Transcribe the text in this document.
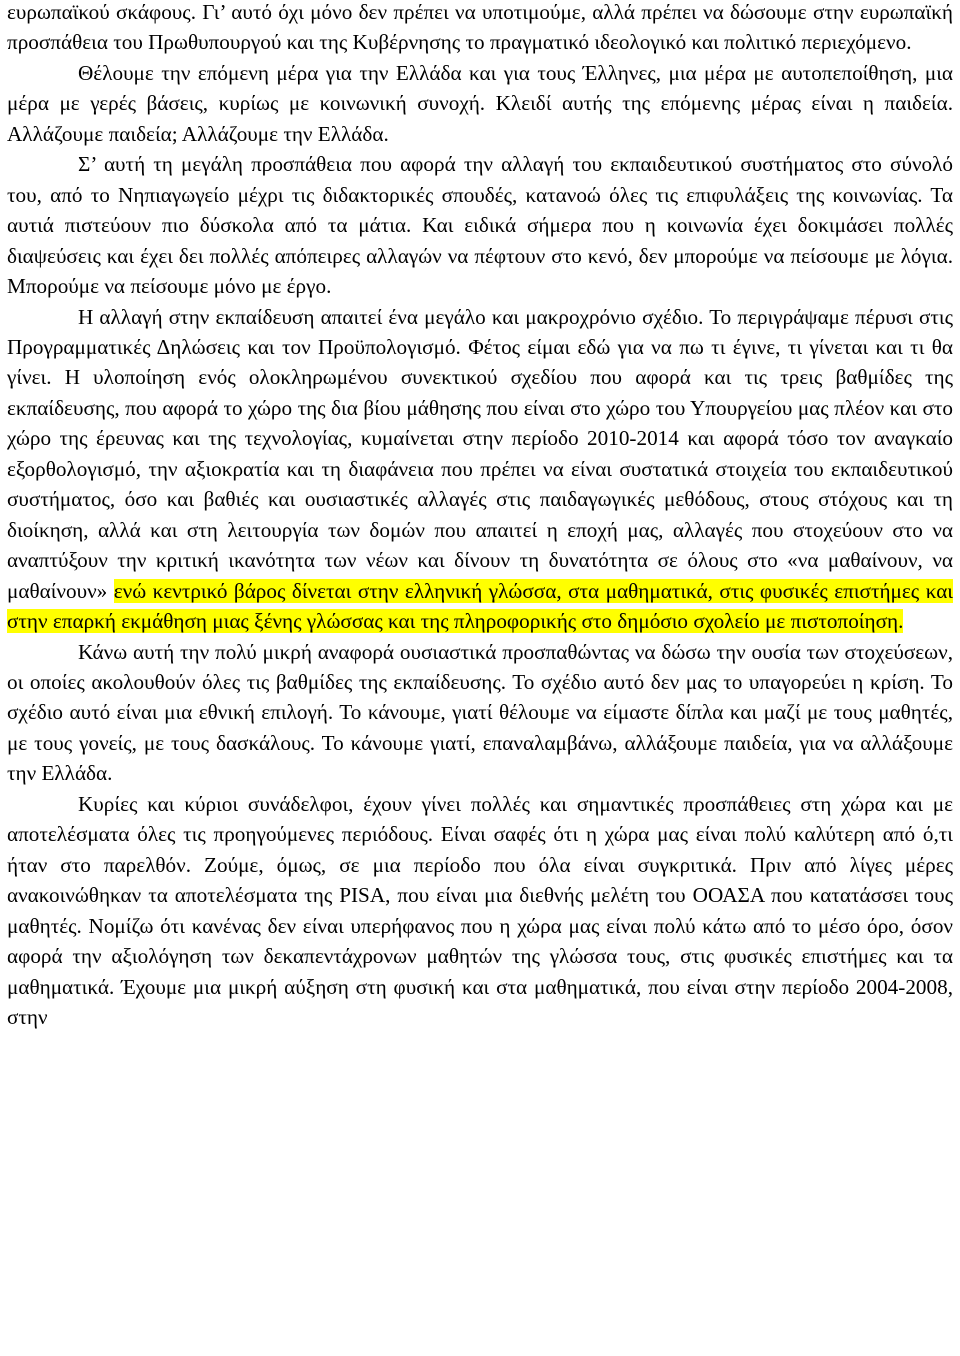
ευρωπαϊκού σκάφους. Γι’ αυτό όχι μόνο δεν πρέπει να υποτιμούμε, αλλά πρέπει να δώσουμε στην ευρωπαϊκή προσπάθεια του Πρωθυπουργού και της Κυβέρνησης το πραγματικό ιδεολογικό και πολιτικό περιεχόμενο.

Θέλουμε την επόμενη μέρα για την Ελλάδα και για τους Έλληνες, μια μέρα με αυτοπεποίθηση, μια μέρα με γερές βάσεις, κυρίως με κοινωνική συνοχή. Κλειδί αυτής της επόμενης μέρας είναι η παιδεία. Αλλάζουμε παιδεία; Αλλάζουμε την Ελλάδα.

Σ’ αυτή τη μεγάλη προσπάθεια που αφορά την αλλαγή του εκπαιδευτικού συστήματος στο σύνολό του, από το Νηπιαγωγείο μέχρι τις διδακτορικές σπουδές, κατανοώ όλες τις επιφυλάξεις της κοινωνίας. Τα αυτιά πιστεύουν πιο δύσκολα από τα μάτια. Και ειδικά σήμερα που η κοινωνία έχει δοκιμάσει πολλές διαψεύσεις και έχει δει πολλές απόπειρες αλλαγών να πέφτουν στο κενό, δεν μπορούμε να πείσουμε με λόγια. Μπορούμε να πείσουμε μόνο με έργο.

Η αλλαγή στην εκπαίδευση απαιτεί ένα μεγάλο και μακροχρόνιο σχέδιο. Το περιγράψαμε πέρυσι στις Προγραμματικές Δηλώσεις και τον Προϋπολογισμό. Φέτος είμαι εδώ για να πω τι έγινε, τι γίνεται και τι θα γίνει. Η υλοποίηση ενός ολοκληρωμένου συνεκτικού σχεδίου που αφορά και τις τρεις βαθμίδες της εκπαίδευσης, που αφορά το χώρο της δια βίου μάθησης που είναι στο χώρο του Υπουργείου μας πλέον και στο χώρο της έρευνας και της τεχνολογίας, κυμαίνεται στην περίοδο 2010-2014 και αφορά τόσο τον αναγκαίο εξορθολογισμό, την αξιοκρατία και τη διαφάνεια που πρέπει να είναι συστατικά στοιχεία του εκπαιδευτικού συστήματος, όσο και βαθιές και ουσιαστικές αλλαγές στις παιδαγωγικές μεθόδους, στους στόχους και τη διοίκηση, αλλά και στη λειτουργία των δομών που απαιτεί η εποχή μας, αλλαγές που στοχεύουν στο να αναπτύξουν την κριτική ικανότητα των νέων και δίνουν τη δυνατότητα σε όλους στο «να μαθαίνουν, να μαθαίνουν» ενώ κεντρικό βάρος δίνεται στην ελληνική γλώσσα, στα μαθηματικά, στις φυσικές επιστήμες και στην επαρκή εκμάθηση μιας ξένης γλώσσας και της πληροφορικής στο δημόσιο σχολείο με πιστοποίηση.

Κάνω αυτή την πολύ μικρή αναφορά ουσιαστικά προσπαθώντας να δώσω την ουσία των στοχεύσεων, οι οποίες ακολουθούν όλες τις βαθμίδες της εκπαίδευσης. Το σχέδιο αυτό δεν μας το υπαγορεύει η κρίση. Το σχέδιο αυτό είναι μια εθνική επιλογή. Το κάνουμε, γιατί θέλουμε να είμαστε δίπλα και μαζί με τους μαθητές, με τους γονείς, με τους δασκάλους. Το κάνουμε γιατί, επαναλαμβάνω, αλλάξουμε παιδεία, για να αλλάξουμε την Ελλάδα.

Κυρίες και κύριοι συνάδελφοι, έχουν γίνει πολλές και σημαντικές προσπάθειες στη χώρα και με αποτελέσματα όλες τις προηγούμενες περιόδους. Είναι σαφές ότι η χώρα μας είναι πολύ καλύτερη από ό,τι ήταν στο παρελθόν. Ζούμε, όμως, σε μια περίοδο που όλα είναι συγκριτικά. Πριν από λίγες μέρες ανακοινώθηκαν τα αποτελέσματα της PISA, που είναι μια διεθνής μελέτη του ΟΟΑΣΑ που κατατάσσει τους μαθητές. Νομίζω ότι κανένας δεν είναι υπερήφανος που η χώρα μας είναι πολύ κάτω από το μέσο όρο, όσον αφορά την αξιολόγηση των δεκαπεντάχρονων μαθητών της γλώσσα τους, στις φυσικές επιστήμες και τα μαθηματικά. Έχουμε μια μικρή αύξηση στη φυσική και στα μαθηματικά, που είναι στην περίοδο 2004-2008, στην
